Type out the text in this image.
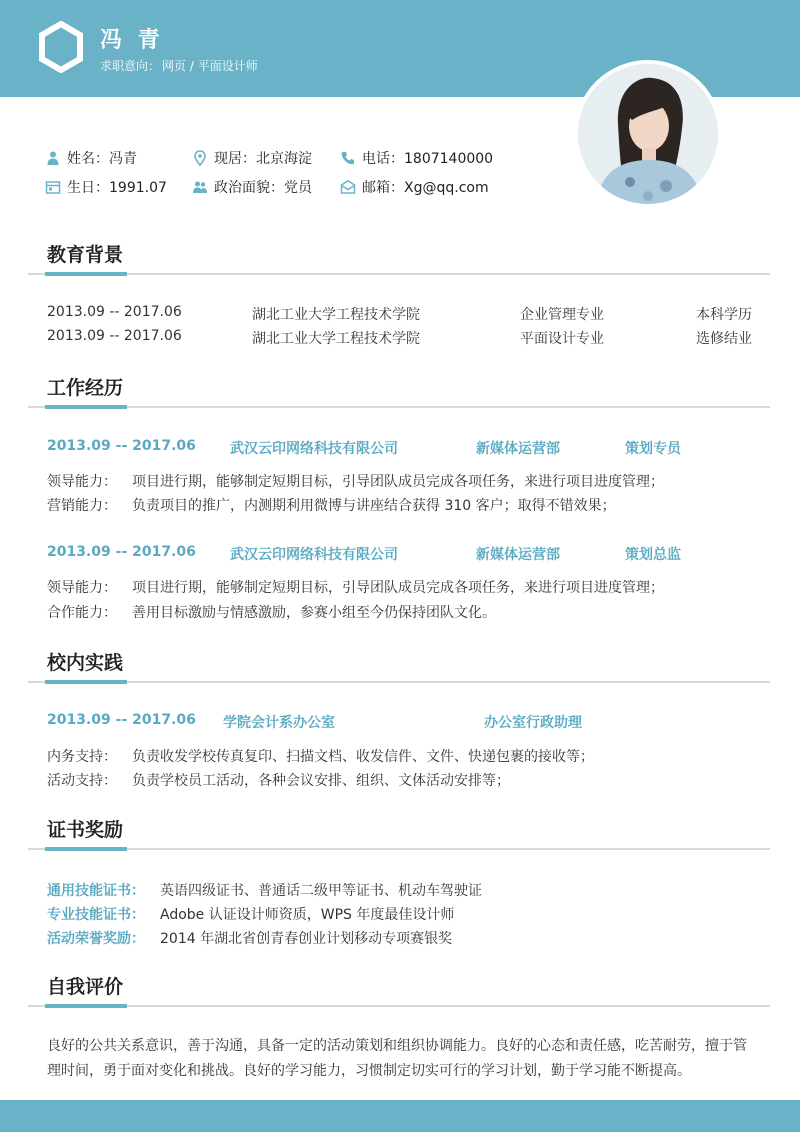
冯 青
求职意向： 网页 / 平面设计师
姓名：冯青
生日：1991.07
现居：北京海淀
政治面貌：党员
电话：1807140000
邮箱：Xg@qq.com
教育背景
2013.09 -- 2017.06	湖北工业大学工程技术学院	企业管理专业	本科学历
2013.09 -- 2017.06	湖北工业大学工程技术学院	平面设计专业	选修结业
工作经历
2013.09 -- 2017.06 武汉云印网络科技有限公司	新媒体运营部	策划专员
领导能力： 项目进行期，能够制定短期目标，引导团队成员完成各项任务，来进行项目进度管理；
营销能力： 负责项目的推广，内测期利用微博与讲座结合获得 310 客户；取得不错效果；
2013.09 -- 2017.06 武汉云印网络科技有限公司	新媒体运营部	策划总监
领导能力： 项目进行期，能够制定短期目标，引导团队成员完成各项任务，来进行项目进度管理；
合作能力： 善用目标激励与情感激励，参赛小组至今仍保持团队文化。
校内实践
2013.09 -- 2017.06 学院会计系办公室	办公室行政助理
内务支持： 负责收发学校传真复印、扫描文档、收发信件、文件、快递包裹的接收等；
活动支持： 负责学校员工活动，各种会议安排、组织、文体活动安排等；
证书奖励
通用技能证书： 英语四级证书、普通话二级甲等证书、机动车驾驶证
专业技能证书： Adobe 认证设计师资质，WPS 年度最佳设计师
活动荣誉奖励： 2014 年湖北省创青春创业计划移动专项赛银奖
自我评价
良好的公共关系意识，善于沟通，具备一定的活动策划和组织协调能力。良好的心态和责任感，吃苦耐劳，擅于管理时间，勇于面对变化和挑战。良好的学习能力，习惯制定切实可行的学习计划，勤于学习能不断提高。
